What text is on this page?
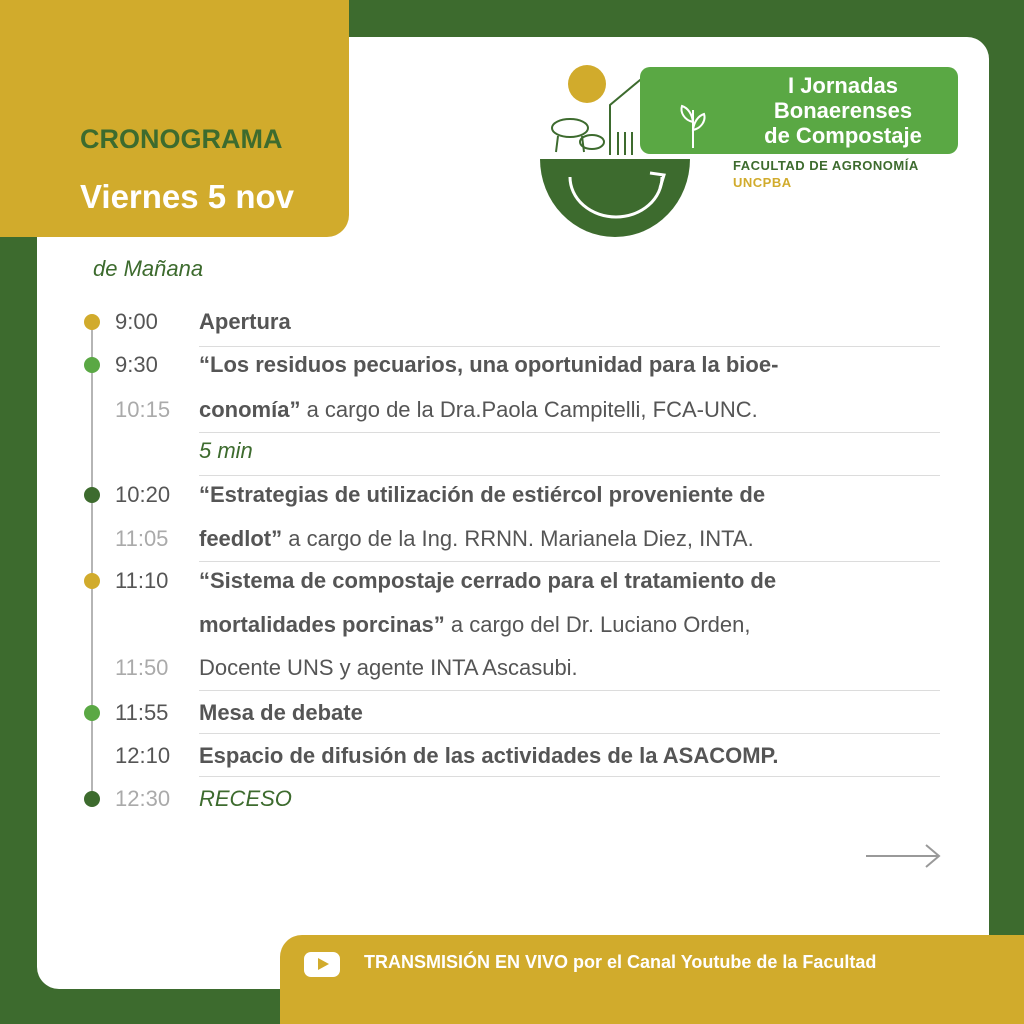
CRONOGRAMA
Viernes 5 nov
I Jornadas
Bonaerenses
de Compostaje
FACULTAD DE AGRONOMÍA
UNCPBA
de Mañana
9:00 Apertura
9:30 “Los residuos pecuarios, una oportunidad para la bioe-
10:15 conomía” a cargo de la Dra.Paola Campitelli, FCA-UNC.
5 min
10:20 “Estrategias de utilización de estiércol proveniente de
11:05 feedlot” a cargo de la Ing. RRNN. Marianela Diez, INTA.
11:10 “Sistema de compostaje cerrado para el tratamiento de
mortalidades porcinas” a cargo del Dr. Luciano Orden,
11:50 Docente UNS y agente INTA Ascasubi.
11:55 Mesa de debate
12:10 Espacio de difusión de las actividades de la ASACOMP.
12:30 RECESO
TRANSMISIÓN EN VIVO por el Canal Youtube de la Facultad
